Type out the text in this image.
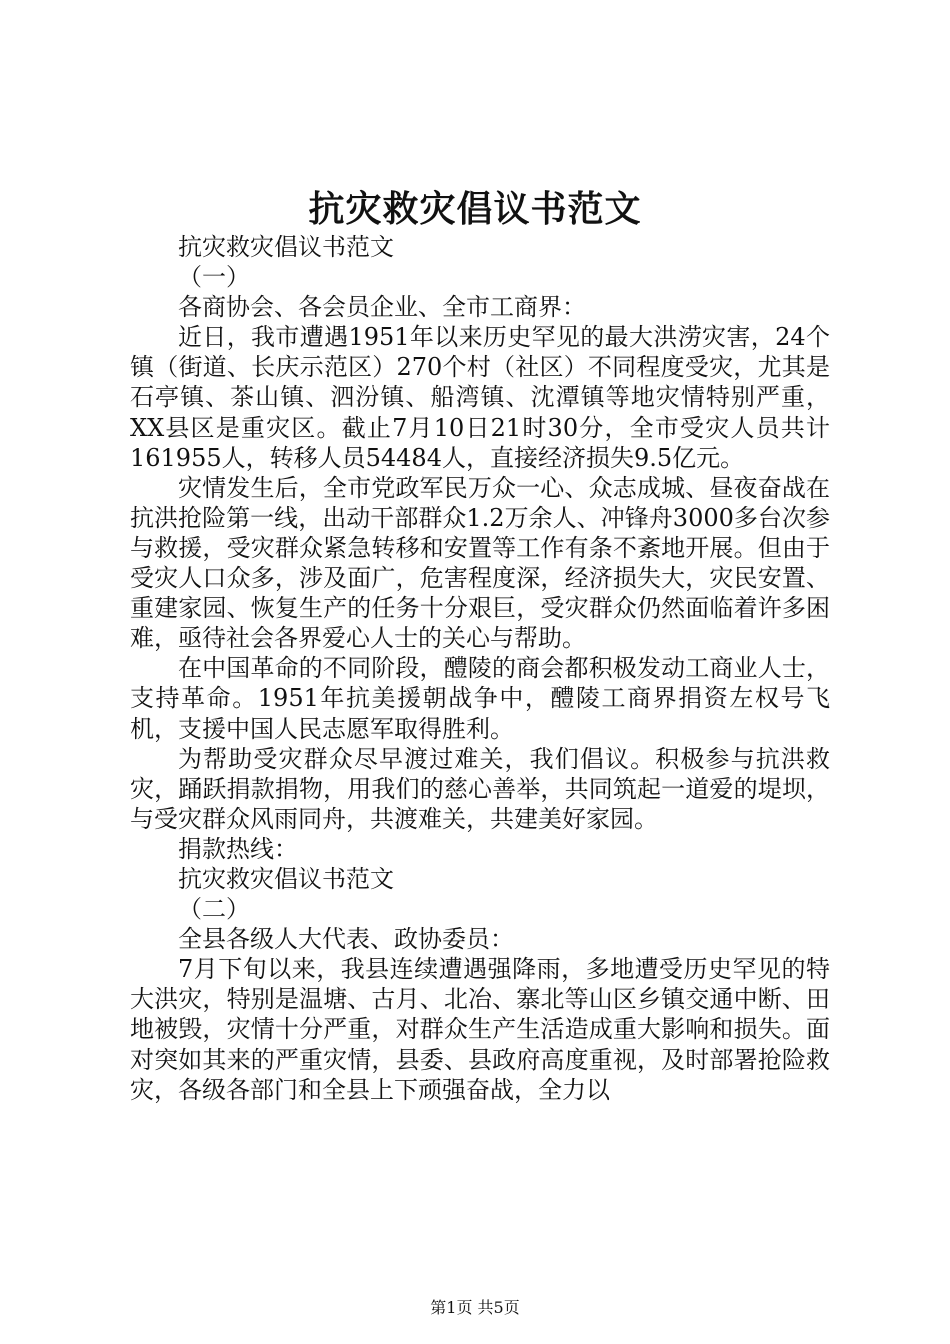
抗灾救灾倡议书范文

抗灾救灾倡议书范文

（一）

各商协会、各会员企业、全市工商界：

近日，我市遭遇1951年以来历史罕见的最大洪涝灾害，24个镇（街道、长庆示范区）270个村（社区）不同程度受灾，尤其是石亭镇、茶山镇、泗汾镇、船湾镇、沈潭镇等地灾情特别严重，XX县区是重灾区。截止7月10日21时30分，全市受灾人员共计161955人，转移人员54484人，直接经济损失9.5亿元。

灾情发生后，全市党政军民万众一心、众志成城、昼夜奋战在抗洪抢险第一线，出动干部群众1.2万余人、冲锋舟3000多台次参与救援，受灾群众紧急转移和安置等工作有条不紊地开展。但由于受灾人口众多，涉及面广，危害程度深，经济损失大，灾民安置、重建家园、恢复生产的任务十分艰巨，受灾群众仍然面临着许多困难，亟待社会各界爱心人士的关心与帮助。

在中国革命的不同阶段，醴陵的商会都积极发动工商业人士，支持革命。1951年抗美援朝战争中，醴陵工商界捐资左权号飞机，支援中国人民志愿军取得胜利。

为帮助受灾群众尽早渡过难关，我们倡议。积极参与抗洪救灾，踊跃捐款捐物，用我们的慈心善举，共同筑起一道爱的堤坝，与受灾群众风雨同舟，共渡难关，共建美好家园。

捐款热线：

抗灾救灾倡议书范文

（二）

全县各级人大代表、政协委员：

7月下旬以来，我县连续遭遇强降雨，多地遭受历史罕见的特大洪灾，特别是温塘、古月、北冶、寨北等山区乡镇交通中断、田地被毁，灾情十分严重，对群众生产生活造成重大影响和损失。面对突如其来的严重灾情，县委、县政府高度重视，及时部署抢险救灾，各级各部门和全县上下顽强奋战，全力以

第1页 共5页
